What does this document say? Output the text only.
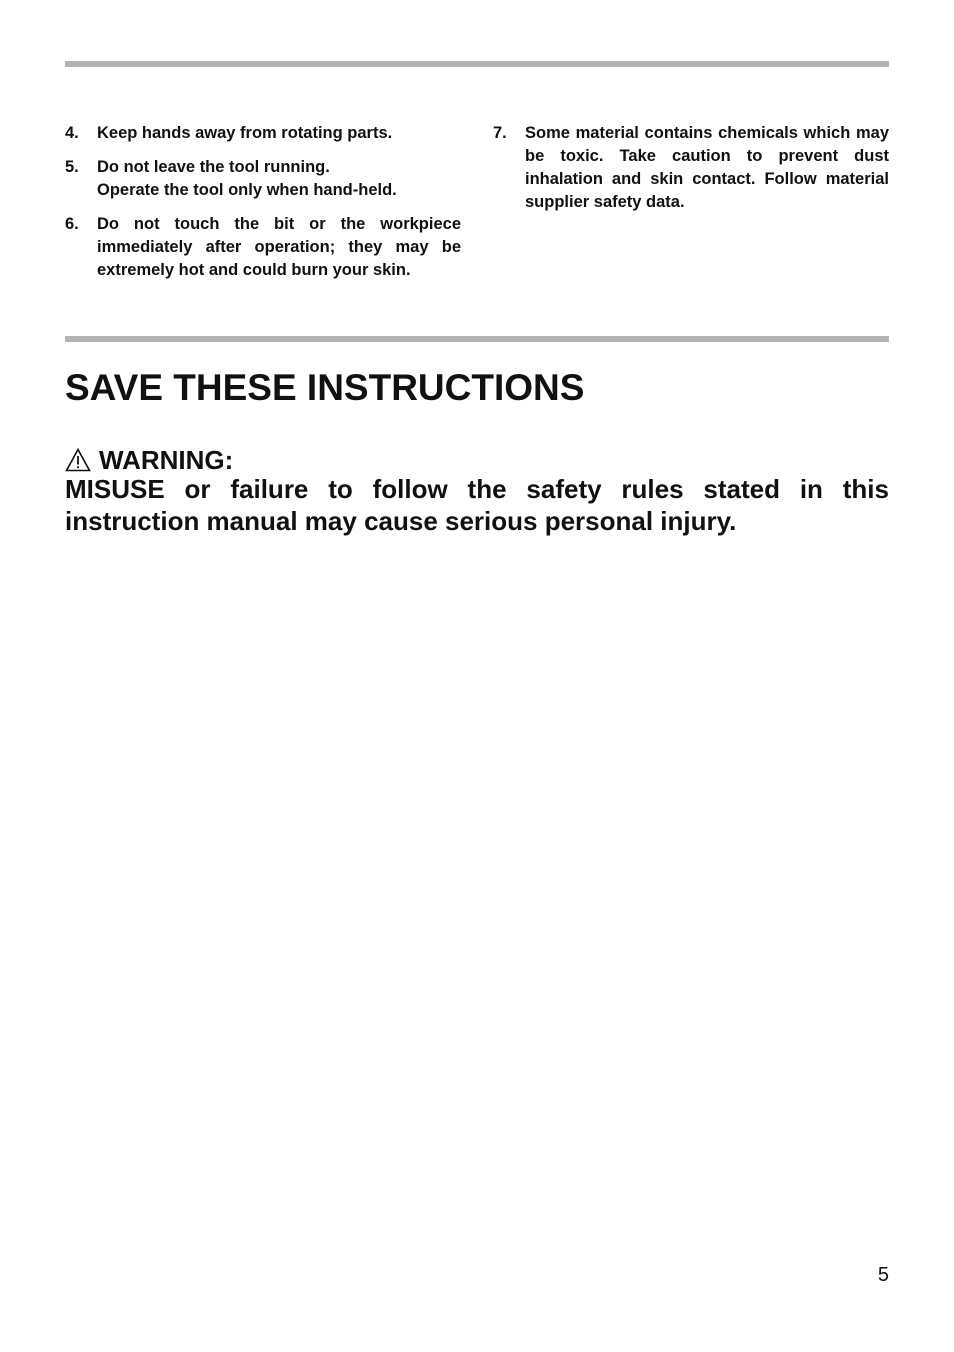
4.	Keep hands away from rotating parts.
5.	Do not leave the tool running.
Operate the tool only when hand-held.
6.	Do not touch the bit or the workpiece immediately after operation; they may be extremely hot and could burn your skin.
7.	Some material contains chemicals which may be toxic. Take caution to prevent dust inhalation and skin contact. Follow material supplier safety data.
SAVE THESE INSTRUCTIONS
WARNING:

MISUSE or failure to follow the safety rules stated in this instruction manual may cause serious personal injury.

5
